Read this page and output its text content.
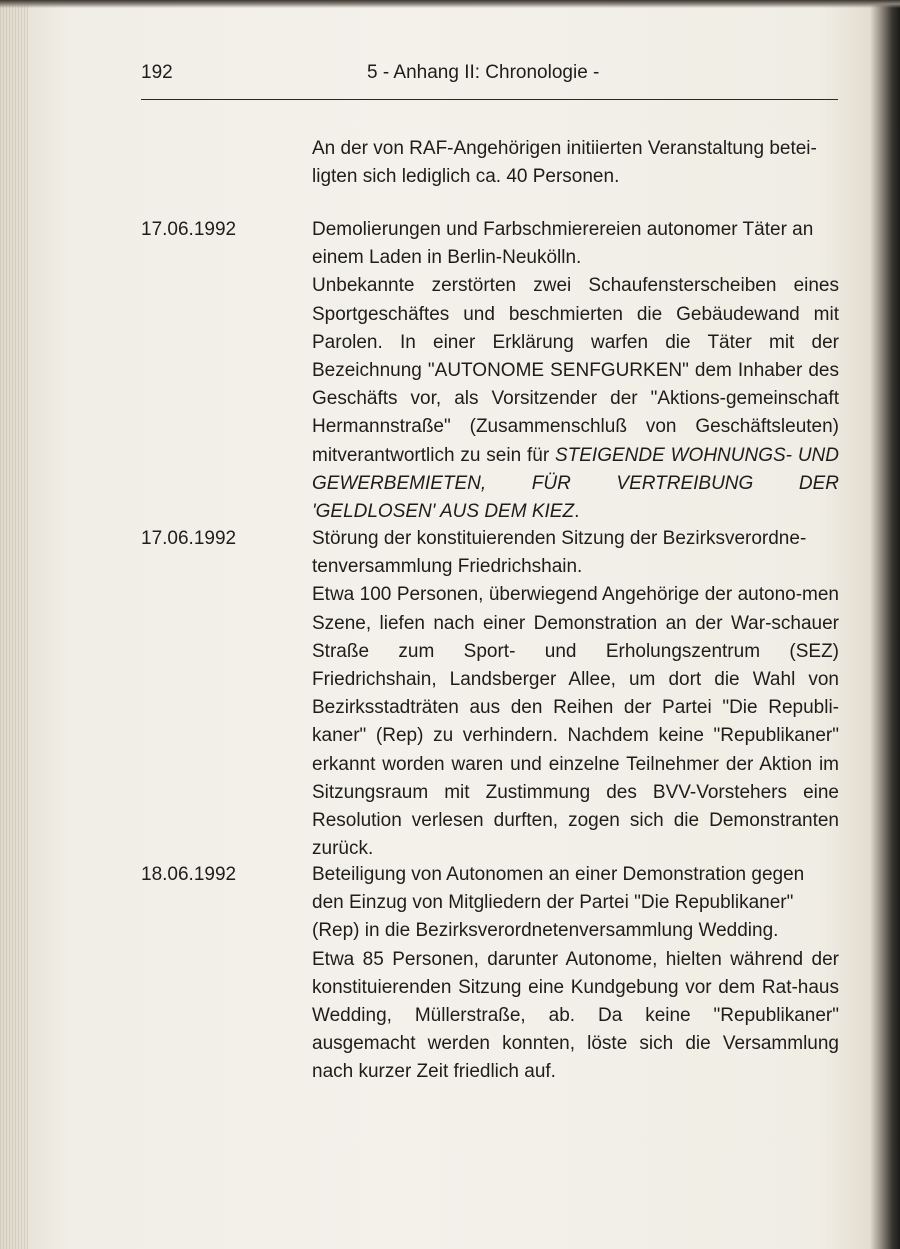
192	5 - Anhang II: Chronologie -

An der von RAF-Angehörigen initiierten Veranstaltung betei-ligten sich lediglich ca. 40 Personen.

17.06.1992	Demolierungen und Farbschmierereien autonomer Täter an einem Laden in Berlin-Neukölln.

Unbekannte zerstörten zwei Schaufensterscheiben eines Sportgeschäftes und beschmierten die Gebäudewand mit Parolen. In einer Erklärung warfen die Täter mit der Bezeichnung "AUTONOME SENFGURKEN" dem Inhaber des Geschäfts vor, als Vorsitzender der "Aktions-gemeinschaft Hermannstraße" (Zusammenschluß von Geschäftsleuten) mitverantwortlich zu sein für STEIGENDE WOHNUNGS- UND GEWERBEMIETEN, FÜR VERTREIBUNG DER 'GELDLOSEN' AUS DEM KIEZ.

17.06.1992	Störung der konstituierenden Sitzung der Bezirksverordne-tenversammlung Friedrichshain.

Etwa 100 Personen, überwiegend Angehörige der autono-men Szene, liefen nach einer Demonstration an der War-schauer Straße zum Sport- und Erholungszentrum (SEZ) Friedrichshain, Landsberger Allee, um dort die Wahl von Bezirksstadträten aus den Reihen der Partei "Die Republi-kaner" (Rep) zu verhindern. Nachdem keine "Republikaner" erkannt worden waren und einzelne Teilnehmer der Aktion im Sitzungsraum mit Zustimmung des BVV-Vorstehers eine Resolution verlesen durften, zogen sich die Demonstranten zurück.

18.06.1992	Beteiligung von Autonomen an einer Demonstration gegen den Einzug von Mitgliedern der Partei "Die Republikaner" (Rep) in die Bezirksverordnetenversammlung Wedding.

Etwa 85 Personen, darunter Autonome, hielten während der konstituierenden Sitzung eine Kundgebung vor dem Rat-haus Wedding, Müllerstraße, ab. Da keine "Republikaner" ausgemacht werden konnten, löste sich die Versammlung nach kurzer Zeit friedlich auf.
